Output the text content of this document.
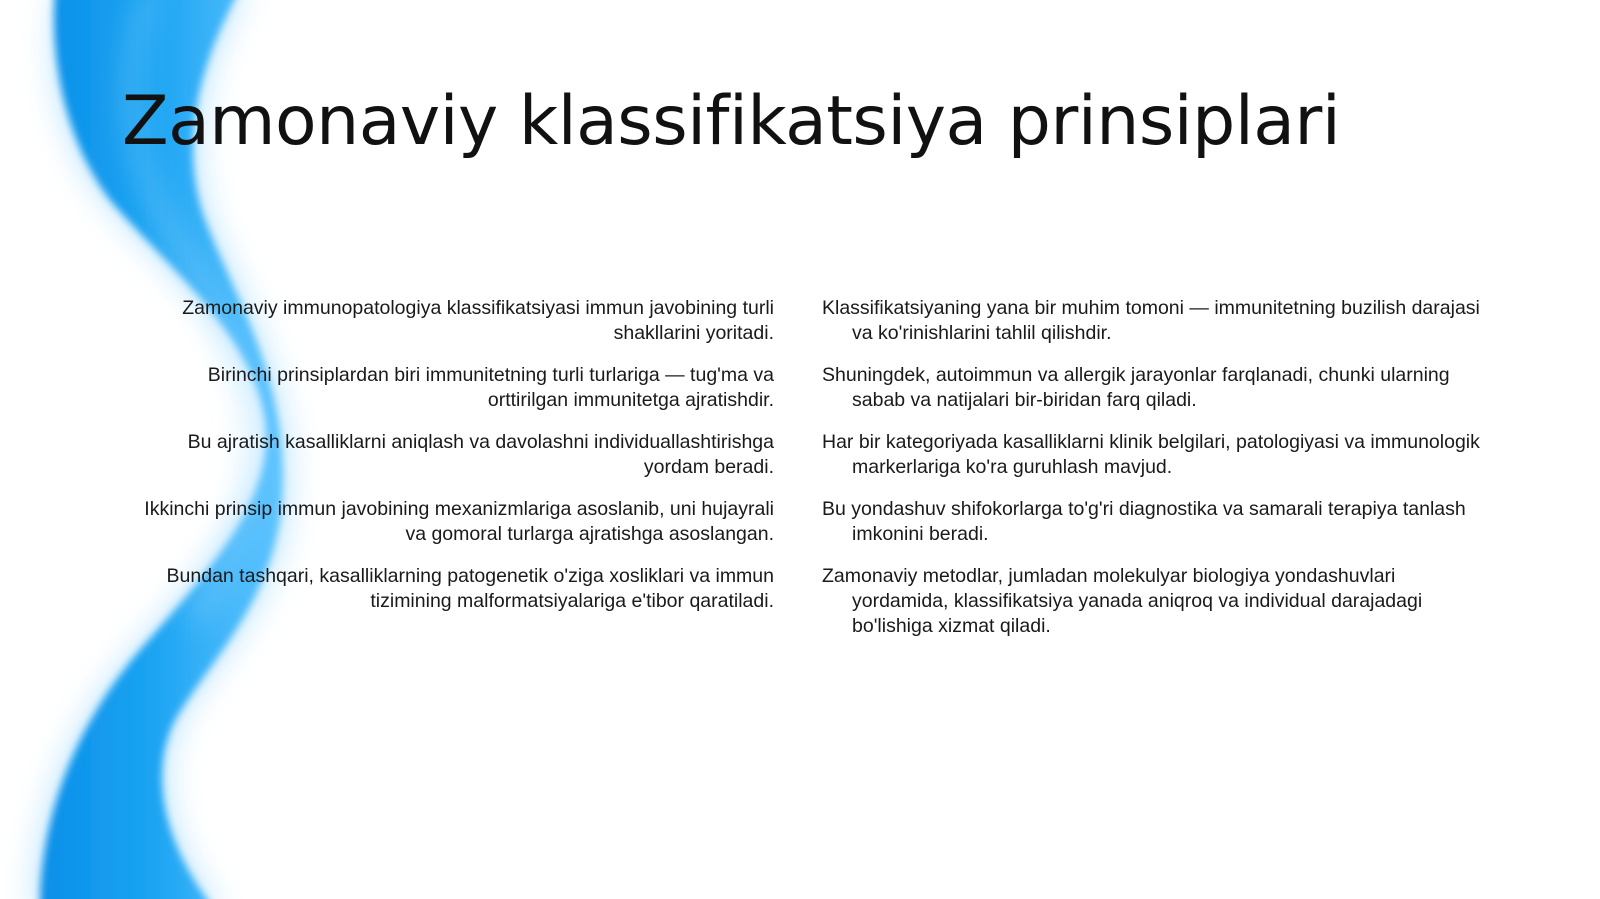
Zamonaviy klassifikatsiya prinsiplari
Zamonaviy immunopatologiya klassifikatsiyasi immun javobining turli shakllarini yoritadi.
Birinchi prinsiplardan biri immunitetning turli turlariga — tug'ma va orttirilgan immunitetga ajratishdir.
Bu ajratish kasalliklarni aniqlash va davolashni individuallashtirishga yordam beradi.
Ikkinchi prinsip immun javobining mexanizmlariga asoslanib, uni hujayrali va gomoral turlarga ajratishga asoslangan.
Bundan tashqari, kasalliklarning patogenetik o'ziga xosliklari va immun tizimining malformatsiyalariga e'tibor qaratiladi.
Klassifikatsiyaning yana bir muhim tomoni — immunitetning buzilish darajasi va ko'rinishlarini tahlil qilishdir.
Shuningdek, autoimmun va allergik jarayonlar farqlanadi, chunki ularning sabab va natijalari bir-biridan farq qiladi.
Har bir kategoriyada kasalliklarni klinik belgilari, patologiyasi va immunologik markerlariga ko'ra guruhlash mavjud.
Bu yondashuv shifokorlarga to'g'ri diagnostika va samarali terapiya tanlash imkonini beradi.
Zamonaviy metodlar, jumladan molekulyar biologiya yondashuvlari yordamida, klassifikatsiya yanada aniqroq va individual darajadagi bo'lishiga xizmat qiladi.
